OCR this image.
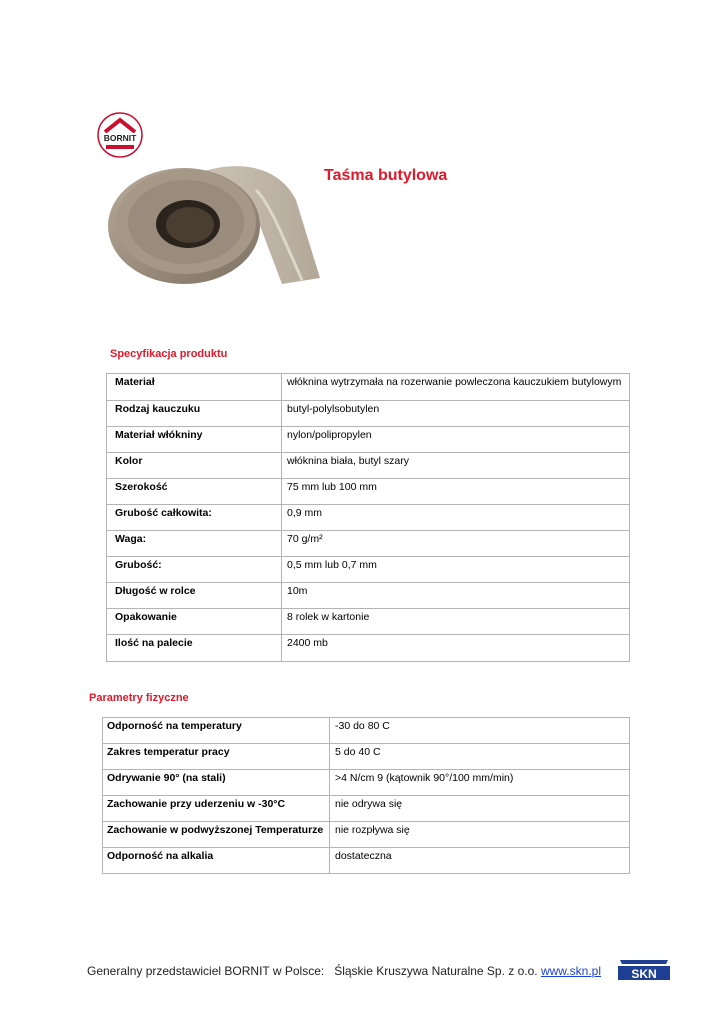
BORNIT
Taśma butylowa
Specyfikacja produktu
Materiał	włóknina wytrzymała na rozerwanie powleczona kauczukiem butylowym
Rodzaj kauczuku	butyl-polylsobutylen
Materiał włókniny	nylon/polipropylen
Kolor	włóknina biała, butyl szary
Szerokość	75 mm lub 100 mm
Grubość całkowita:	0,9 mm
Waga:	70 g/m²
Grubość:	0,5 mm lub 0,7 mm
Długość w rolce	10m
Opakowanie	8 rolek w kartonie
Ilość na palecie	2400 mb
Parametry fizyczne
Odporność na temperatury	-30 do 80 C
Zakres temperatur pracy	5 do 40 C
Odrywanie 90° (na stali)	>4 N/cm 9 (kątownik 90°/100 mm/min)
Zachowanie przy uderzeniu w -30°C	nie odrywa się
Zachowanie w podwyższonej Temperaturze	nie rozpływa się
Odporność na alkalia	dostateczna
Generalny przedstawiciel BORNIT w Polsce:   Śląskie Kruszywa Naturalne Sp. z o.o. www.skn.pl	SKN
